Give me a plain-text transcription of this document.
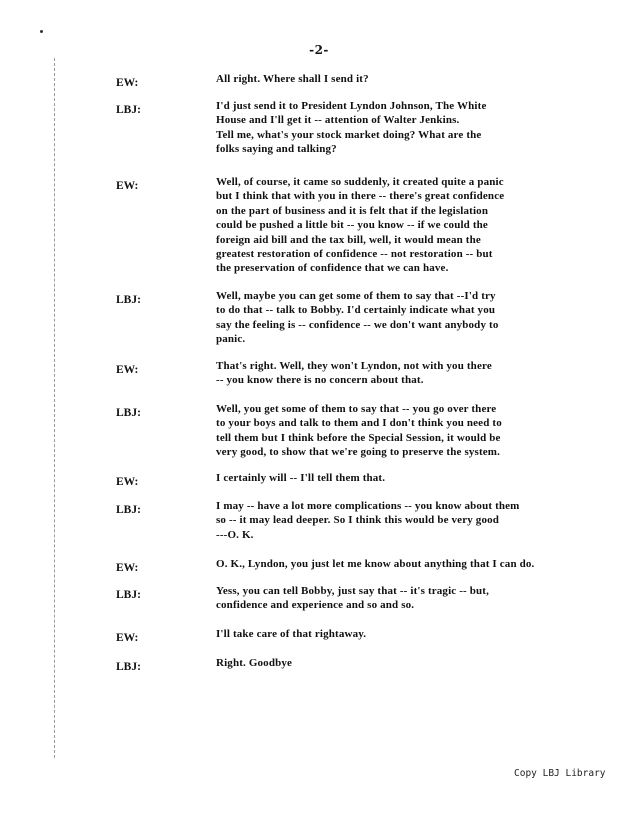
-2-
EW:	All right. Where shall I send it?
LBJ:	I'd just send it to President Lyndon Johnson, The White
House and I'll get it -- attention of Walter Jenkins.
Tell me, what's your stock market doing? What are the
folks saying and talking?
EW:	Well, of course, it came so suddenly, it created quite a panic
but I think that with you in there -- there's great confidence
on the part of business and it is felt that if the legislation
could be pushed a little bit -- you know -- if we could the
foreign aid bill and the tax bill, well, it would mean the
greatest restoration of confidence -- not restoration -- but
the preservation of confidence that we can have.
LBJ:	Well, maybe you can get some of them to say that --I'd try
to do that -- talk to Bobby. I'd certainly indicate what you
say the feeling is -- confidence -- we don't want anybody to
panic.
EW:	That's right. Well, they won't Lyndon, not with you there
-- you know there is no concern about that.
LBJ:	Well, you get some of them to say that -- you go over there
to your boys and talk to them and I don't think you need to
tell them but I think before the Special Session, it would be
very good, to show that we're going to preserve the system.
EW:	I certainly will -- I'll tell them that.
LBJ:	I may -- have a lot more complications -- you know about them
so -- it may lead deeper. So I think this would be very good
---O. K.
EW:	O. K., Lyndon, you just let me know about anything that I can do.
LBJ:	Yess, you can tell Bobby, just say that -- it's tragic -- but,
confidence and experience and so and so.
EW:	I'll take care of that rightaway.
LBJ:	Right. Goodbye
Copy LBJ Library
